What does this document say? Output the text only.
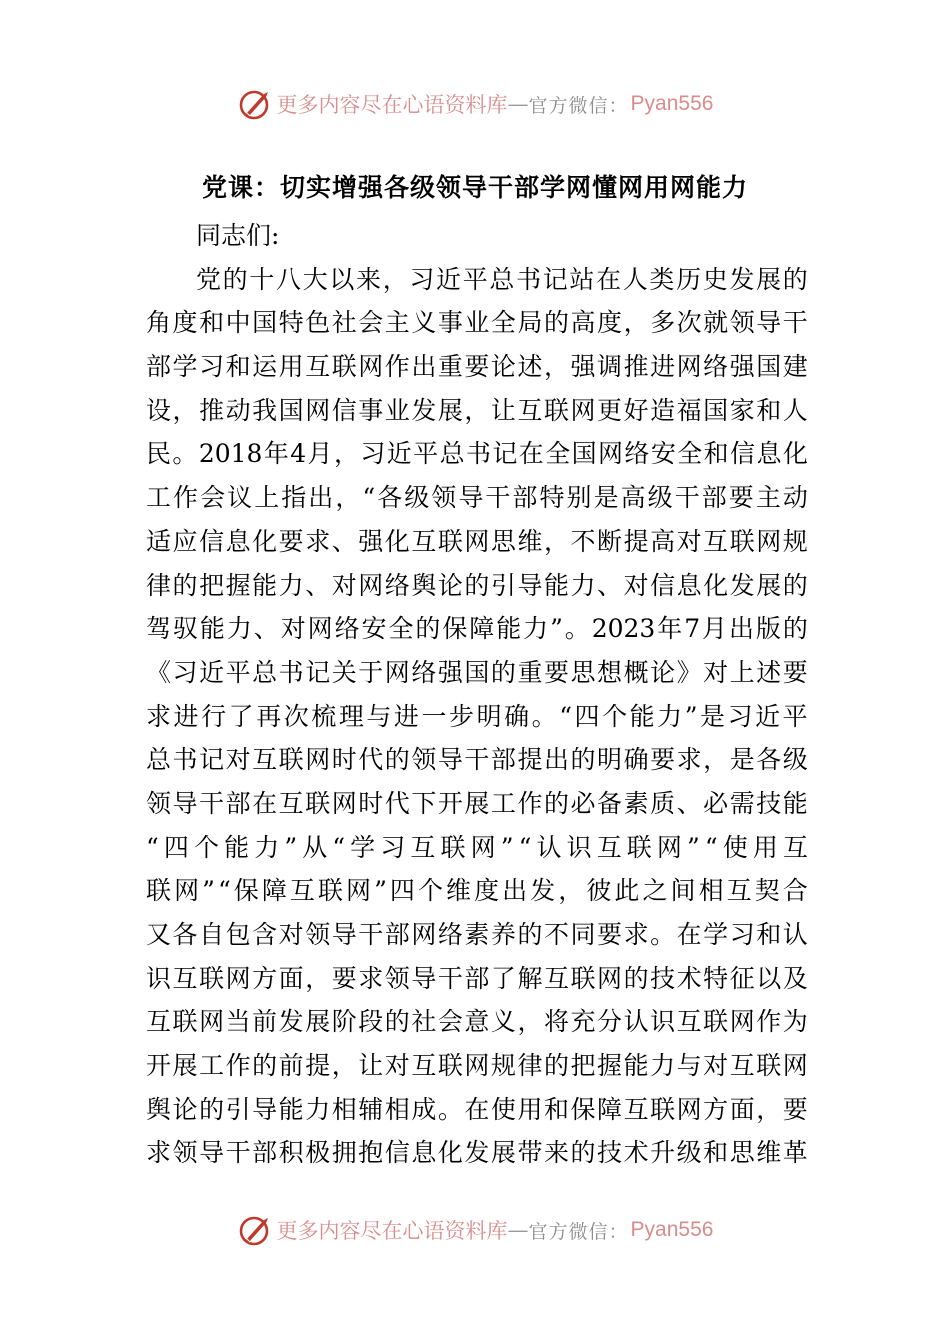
更多内容尽在心语资料库 — 官方微信： Pyan556
党课：切实增强各级领导干部学网懂网用网能力
同志们:
党 的 十 八 大 以 来 ， 习 近 平 总 书 记 站 在 人 类 历 史 发 展 的
角 度 和 中 国 特 色 社 会 主 义 事 业 全 局 的 高 度 ， 多 次 就 领 导 干
部 学 习 和 运 用 互 联 网 作 出 重 要 论 述 ， 强 调 推 进 网 络 强 国 建
设 ， 推 动 我 国 网 信 事 业 发 展 ， 让 互 联 网 更 好 造 福 国 家 和 人
民 。 2018 年 4 月 ， 习 近 平 总 书 记 在 全 国 网 络 安 全 和 信 息 化
工 作 会 议 上 指 出 ， “ 各 级 领 导 干 部 特 别 是 高 级 干 部 要 主 动
适 应 信 息 化 要 求 、 强 化 互 联 网 思 维 ， 不 断 提 高 对 互 联 网 规
律 的 把 握 能 力 、 对 网 络 舆 论 的 引 导 能 力 、 对 信 息 化 发 展 的
驾 驭 能 力 、 对 网 络 安 全 的 保 障 能 力 ” 。 2023 年 7 月 出 版 的
《 习 近 平 总 书 记 关 于 网 络 强 国 的 重 要 思 想 概 论 》 对 上 述 要
求 进 行 了 再 次 梳 理 与 进 一 步 明 确 。 “ 四 个 能 力 ” 是 习 近 平
总 书 记 对 互 联 网 时 代 的 领 导 干 部 提 出 的 明 确 要 求 ， 是 各 级
领 导 干 部 在 互 联 网 时 代 下 开 展 工 作 的 必 备 素 质 、 必 需 技 能
“ 四 个 能 力 ” 从 “ 学 习 互 联 网 ” “ 认 识 互 联 网 ” “ 使 用 互
联 网 ” “ 保 障 互 联 网 ” 四 个 维 度 出 发 ， 彼 此 之 间 相 互 契 合
又 各 自 包 含 对 领 导 干 部 网 络 素 养 的 不 同 要 求 。 在 学 习 和 认
识 互 联 网 方 面 ， 要 求 领 导 干 部 了 解 互 联 网 的 技 术 特 征 以 及
互 联 网 当 前 发 展 阶 段 的 社 会 意 义 ， 将 充 分 认 识 互 联 网 作 为
开 展 工 作 的 前 提 ， 让 对 互 联 网 规 律 的 把 握 能 力 与 对 互 联 网
舆 论 的 引 导 能 力 相 辅 相 成 。 在 使 用 和 保 障 互 联 网 方 面 ， 要
求 领 导 干 部 积 极 拥 抱 信 息 化 发 展 带 来 的 技 术 升 级 和 思 维 革
更多内容尽在心语资料库 — 官方微信： Pyan556
